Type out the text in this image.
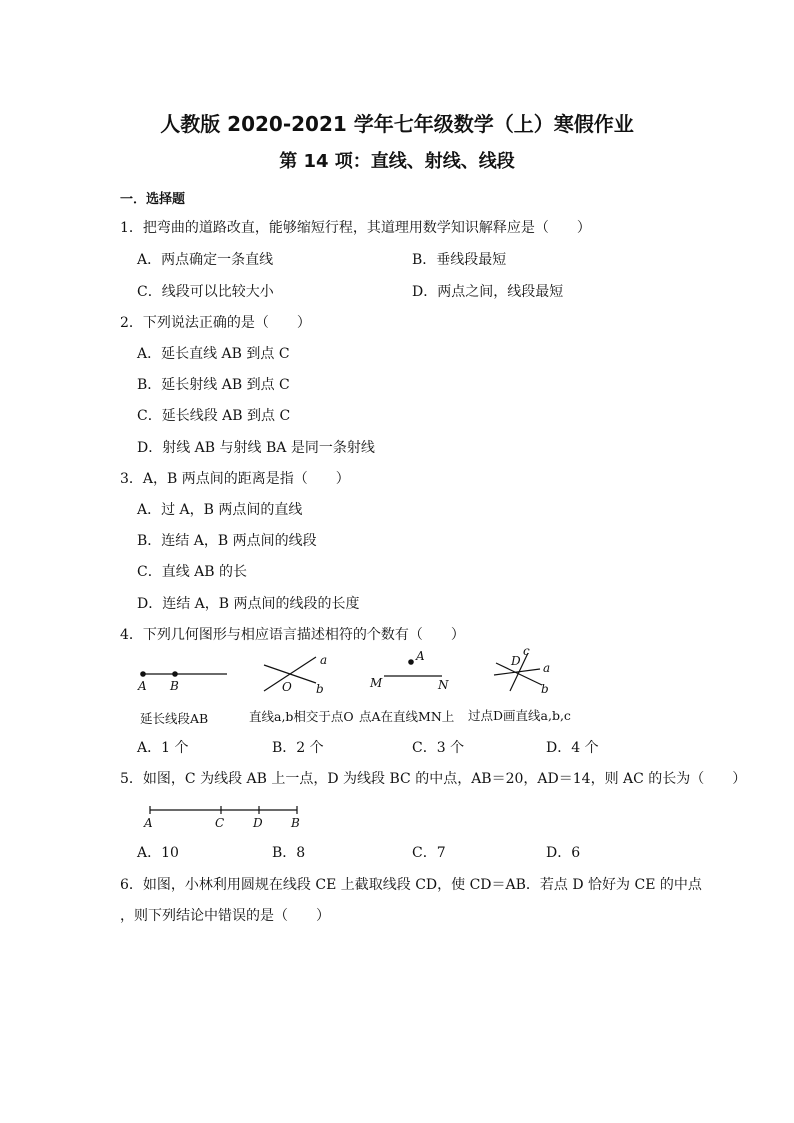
人教版 2020-2021 学年七年级数学（上）寒假作业
第 14 项：直线、射线、线段
一．选择题
1．把弯曲的道路改直，能够缩短行程，其道理用数学知识解释应是（　　）
A．两点确定一条直线	B．垂线段最短
C．线段可以比较大小	D．两点之间，线段最短
2．下列说法正确的是（　　）
A．延长直线 AB 到点 C
B．延长射线 AB 到点 C
C．延长线段 AB 到点 C
D．射线 AB 与射线 BA 是同一条射线
3．A，B 两点间的距离是指（　　）
A．过 A，B 两点间的直线
B．连结 A，B 两点间的线段
C．直线 AB 的长
D．连结 A，B 两点间的线段的长度
4．下列几何图形与相应语言描述相符的个数有（　　）
A B
a
O b
A
M	N
D
c
a
b
延长线段AB	直线a,b相交于点O 点A在直线MN上 过点D画直线a,b,c
A．1 个	B．2 个	C．3 个	D．4 个
5．如图，C 为线段 AB 上一点，D 为线段 BC 的中点，AB＝20，AD＝14，则 AC 的长为（　　）
A	C D B
A．10	B．8	C．7	D．6
6．如图，小林利用圆规在线段 CE 上截取线段 CD，使 CD＝AB．若点 D 恰好为 CE 的中点
，则下列结论中错误的是（　　）
